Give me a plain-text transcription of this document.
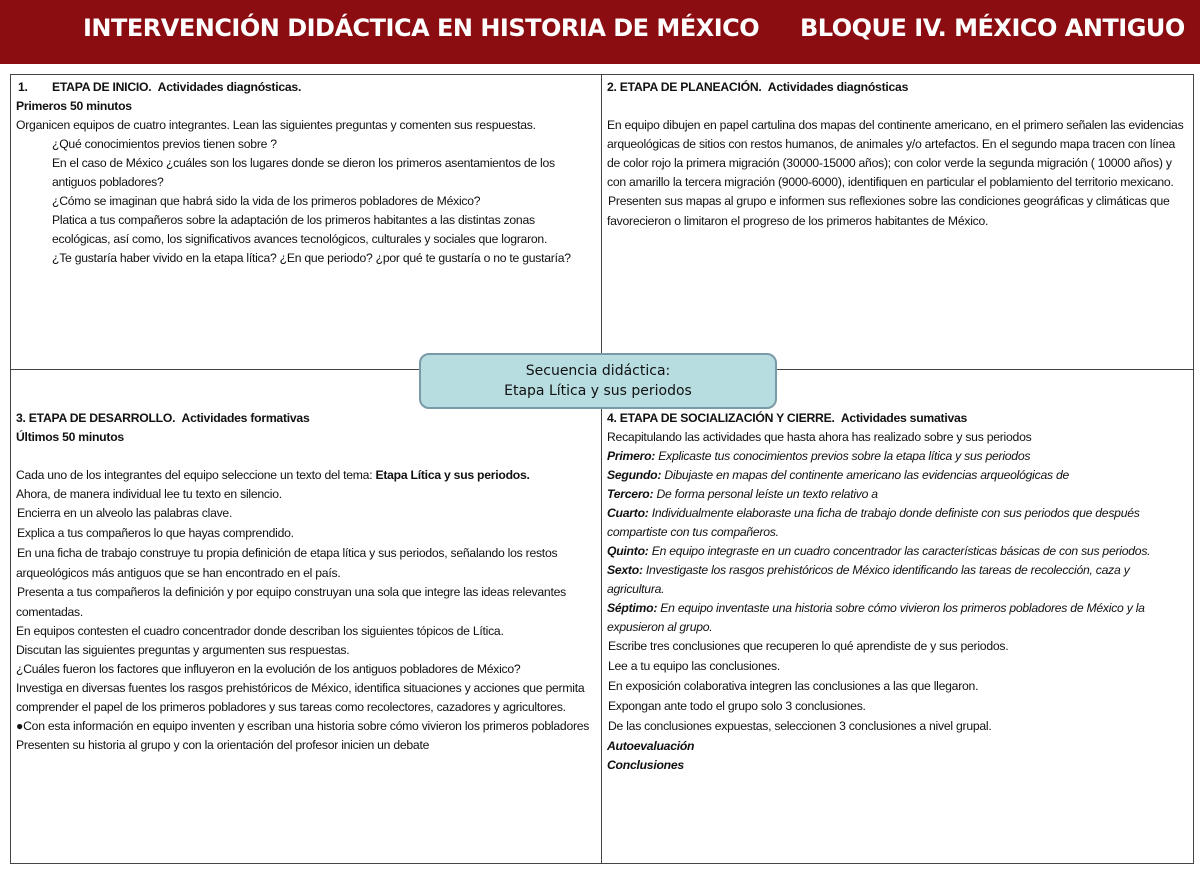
INTERVENCIÓN DIDÁCTICA EN HISTORIA DE MÉXICO BLOQUE IV. MÉXICO ANTIGUO

1. ETAPA DE INICIO. Actividades diagnósticas.

Primeros 50 minutos

Organicen equipos de cuatro integrantes. Lean las siguientes preguntas y comenten sus respuestas.

¿Qué conocimientos previos tienen sobre ?

En el caso de México ¿cuáles son los lugares donde se dieron los primeros asentamientos de los antiguos pobladores?

¿Cómo se imaginan que habrá sido la vida de los primeros pobladores de México?

Platica a tus compañeros sobre la adaptación de los primeros habitantes a las distintas zonas ecológicas, así como, los significativos avances tecnológicos, culturales y sociales que lograron.

¿Te gustaría haber vivido en la etapa lítica? ¿En que periodo? ¿por qué te gustaría o no te gustaría?

2. ETAPA DE PLANEACIÓN. Actividades diagnósticas

En equipo dibujen en papel cartulina dos mapas del continente americano, en el primero señalen las evidencias arqueológicas de sitios con restos humanos, de animales y/o artefactos. En el segundo mapa tracen con línea de color rojo la primera migración (30000-15000 años); con color verde la segunda migración ( 10000 años) y con amarillo la tercera migración (9000-6000), identifiquen en particular el poblamiento del territorio mexicano.

Presenten sus mapas al grupo e informen sus reflexiones sobre las condiciones geográficas y climáticas que favorecieron o limitaron el progreso de los primeros habitantes de México.

3. ETAPA DE DESARROLLO. Actividades formativas

Últimos 50 minutos

Cada uno de los integrantes del equipo seleccione un texto del tema: Etapa Lítica y sus periodos.

Ahora, de manera individual lee tu texto en silencio.

Encierra en un alveolo las palabras clave.

Explica a tus compañeros lo que hayas comprendido.

En una ficha de trabajo construye tu propia definición de etapa lítica y sus periodos, señalando los restos arqueológicos más antiguos que se han encontrado en el país.

Presenta a tus compañeros la definición y por equipo construyan una sola que integre las ideas relevantes comentadas.

En equipos contesten el cuadro concentrador donde describan los siguientes tópicos de Lítica.

Discutan las siguientes preguntas y argumenten sus respuestas.

¿Cuáles fueron los factores que influyeron en la evolución de los antiguos pobladores de México?

Investiga en diversas fuentes los rasgos prehistóricos de México, identifica situaciones y acciones que permita comprender el papel de los primeros pobladores y sus tareas como recolectores, cazadores y agricultores.

●Con esta información en equipo inventen y escriban una historia sobre cómo vivieron los primeros pobladores

Presenten su historia al grupo y con la orientación del profesor inicien un debate

4. ETAPA DE SOCIALIZACIÓN Y CIERRE. Actividades sumativas

Recapitulando las actividades que hasta ahora has realizado sobre y sus periodos

Primero: Explicaste tus conocimientos previos sobre la etapa lítica y sus periodos

Segundo: Dibujaste en mapas del continente americano las evidencias arqueológicas de

Tercero: De forma personal leíste un texto relativo a

Cuarto: Individualmente elaboraste una ficha de trabajo donde definiste con sus periodos que después compartiste con tus compañeros.

Quinto: En equipo integraste en un cuadro concentrador las características básicas de con sus periodos.

Sexto: Investigaste los rasgos prehistóricos de México identificando las tareas de recolección, caza y agricultura.

Séptimo: En equipo inventaste una historia sobre cómo vivieron los primeros pobladores de México y la expusieron al grupo.

Escribe tres conclusiones que recuperen lo qué aprendiste de y sus periodos.

Lee a tu equipo las conclusiones.

En exposición colaborativa integren las conclusiones a las que llegaron.

Expongan ante todo el grupo solo 3 conclusiones.

De las conclusiones expuestas, seleccionen 3 conclusiones a nivel grupal.

Autoevaluación

Conclusiones

Secuencia didáctica:
Etapa Lítica y sus periodos
